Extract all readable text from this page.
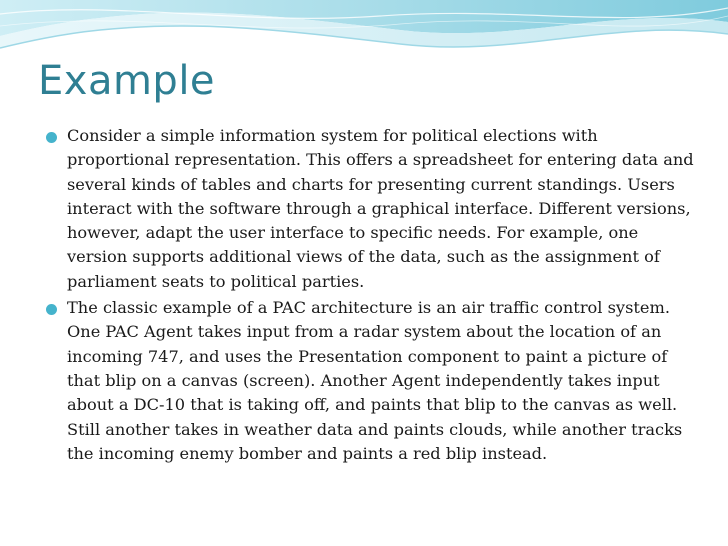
Example
Consider a simple information system for political elections with proportional representation. This offers a spreadsheet for entering data and several kinds of tables and charts for presenting current standings. Users interact with the software through a graphical interface. Different versions, however, adapt the user interface to specific needs. For example, one version supports additional views of the data, such as the assignment of parliament seats to political parties.
The classic example of a PAC architecture is an air traffic control system. One PAC Agent takes input from a radar system about the location of an incoming 747, and uses the Presentation component to paint a picture of that blip on a canvas (screen). Another Agent independently takes input about a DC-10 that is taking off, and paints that blip to the canvas as well. Still another takes in weather data and paints clouds, while another tracks the incoming enemy bomber and paints a red blip instead.
